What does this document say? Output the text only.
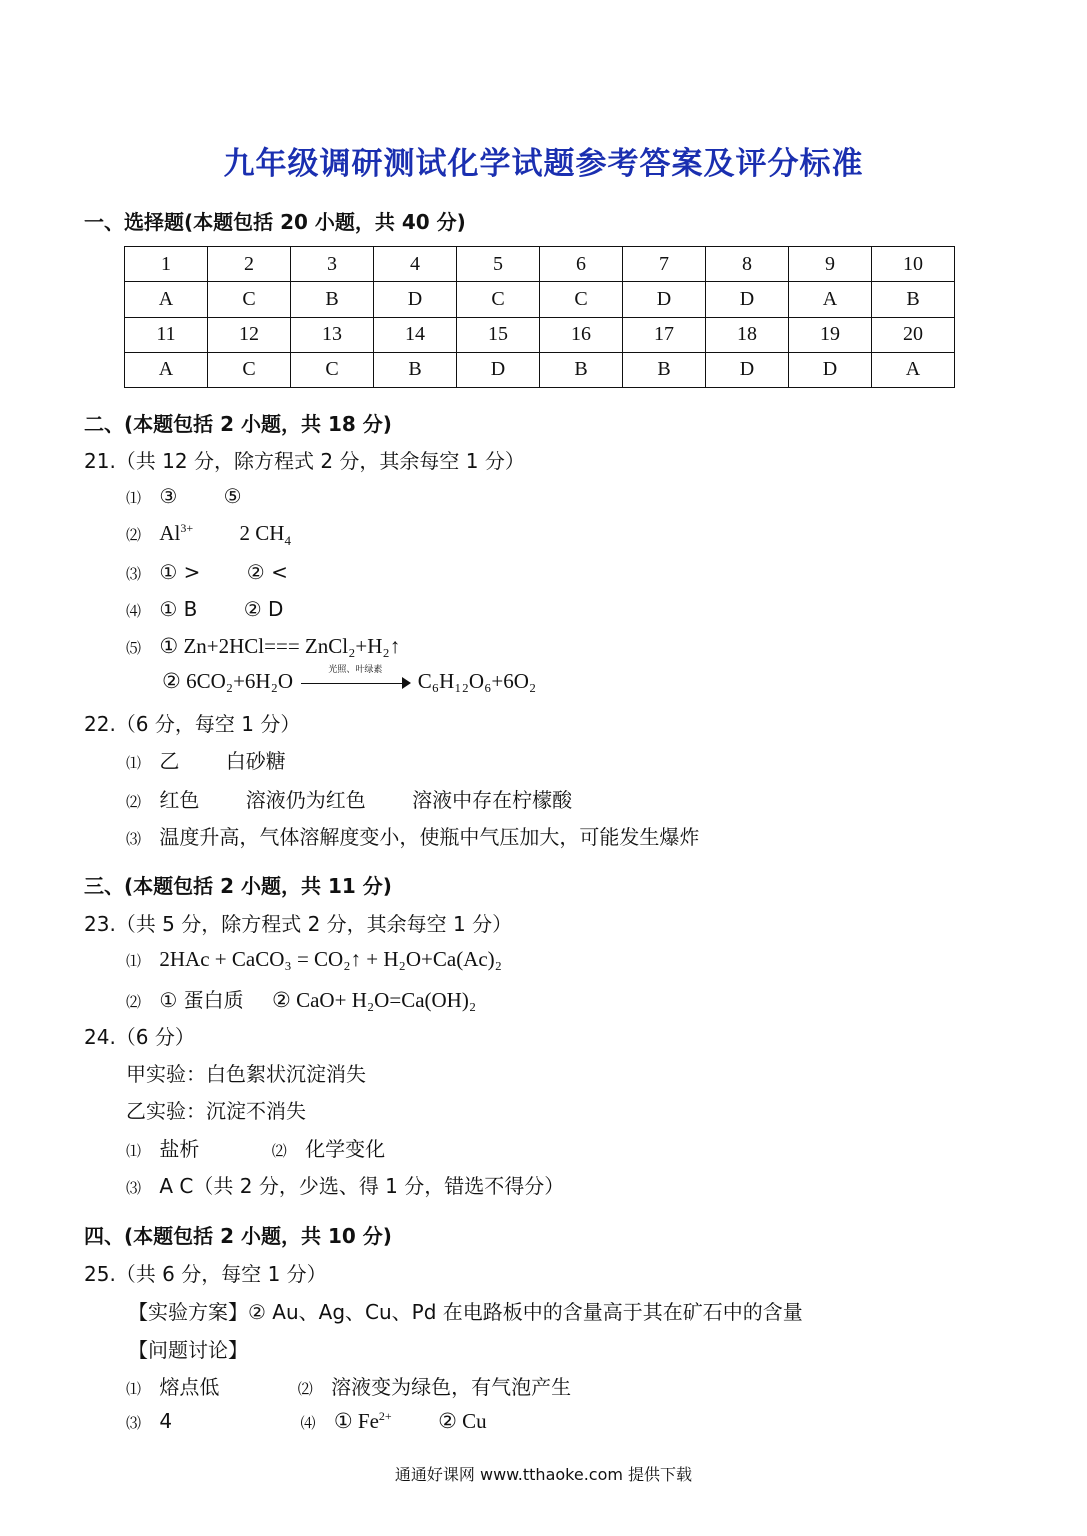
九年级调研测试化学试题参考答案及评分标准
一、选择题(本题包括 20 小题，共 40 分)
1	2	3	4	5	6	7	8	9	10
A	C	B	D	C	C	D	D	A	B
11	12	13	14	15	16	17	18	19	20
A	C	C	B	D	B	B	D	D	A
二、(本题包括 2 小题，共 18 分)
21.（共 12 分，除方程式 2 分，其余每空 1 分）
⑴ ③ ⑤
⑵ $Al^{3+}$ 2 $CH_4$
⑶ ① > ② <
⑷ ① B ② D
⑸ ① Zn+2HCl=== ZnCl₂+H₂↑
② 6CO₂+6H₂O	光照、叶绿素	C₆H₁₂O₆+6O₂
22.（6 分，每空 1 分）
⑴ 乙 白砂糖
⑵ 红色 溶液仍为红色 溶液中存在柠檬酸
⑶ 温度升高，气体溶解度变小，使瓶中气压加大，可能发生爆炸
三、(本题包括 2 小题，共 11 分)
23.（共 5 分，除方程式 2 分，其余每空 1 分）
⑴ 2HAc + CaCO₃ = CO₂↑ + H₂O+Ca(Ac)₂
⑵ ① 蛋白质 ② CaO+ H₂O=Ca(OH)₂
24.（6 分）
甲实验：白色絮状沉淀消失
乙实验：沉淀不消失
⑴ 盐析	⑵ 化学变化
⑶ A C（共 2 分，少选、得 1 分，错选不得分）
四、(本题包括 2 小题，共 10 分)
25.（共 6 分，每空 1 分）
【实验方案】② Au、Ag、Cu、Pd 在电路板中的含量高于其在矿石中的含量
【问题讨论】
⑴ 熔点低	⑵ 溶液变为绿色，有气泡产生
⑶ 4	⑷ ① $Fe^{2+}$ ② Cu
通通好课网 www.tthaoke.com 提供下载
